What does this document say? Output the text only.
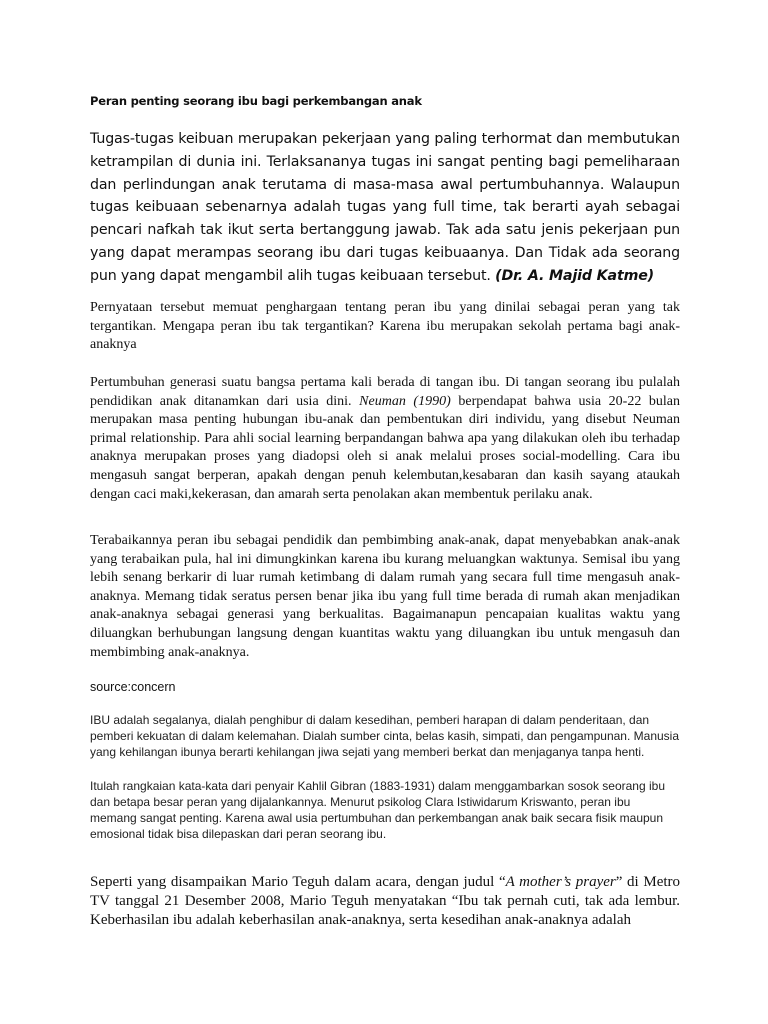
Peran penting seorang ibu bagi perkembangan anak
Tugas-tugas keibuan merupakan pekerjaan yang paling terhormat dan membutukan ketrampilan di dunia ini. Terlaksananya tugas ini sangat penting bagi pemeliharaan dan perlindungan anak terutama di masa-masa awal pertumbuhannya. Walaupun tugas keibuaan sebenarnya adalah tugas yang full time, tak berarti ayah sebagai pencari nafkah tak ikut serta bertanggung jawab. Tak ada satu jenis pekerjaan pun yang dapat merampas seorang ibu dari tugas keibuaanya. Dan Tidak ada seorang pun yang dapat mengambil alih tugas keibuaan tersebut. (Dr. A. Majid Katme)
Pernyataan tersebut memuat penghargaan tentang peran ibu yang dinilai sebagai peran yang tak tergantikan. Mengapa peran ibu tak tergantikan? Karena ibu merupakan sekolah pertama bagi anak-anaknya
Pertumbuhan generasi suatu bangsa pertama kali berada di tangan ibu. Di tangan seorang ibu pulalah pendidikan anak ditanamkan dari usia dini. Neuman (1990) berpendapat bahwa usia 20-22 bulan merupakan masa penting hubungan ibu-anak dan pembentukan diri individu, yang disebut Neuman primal relationship. Para ahli social learning berpandangan bahwa apa yang dilakukan oleh ibu terhadap anaknya merupakan proses yang diadopsi oleh si anak melalui proses social-modelling. Cara ibu mengasuh sangat berperan, apakah dengan penuh kelembutan,kesabaran dan kasih sayang ataukah dengan caci maki,kekerasan, dan amarah serta penolakan akan membentuk perilaku anak.
Terabaikannya peran ibu sebagai pendidik dan pembimbing anak-anak, dapat menyebabkan anak-anak yang terabaikan pula, hal ini dimungkinkan karena ibu kurang meluangkan waktunya. Semisal ibu yang lebih senang berkarir di luar rumah ketimbang di dalam rumah yang secara full time mengasuh anak-anaknya. Memang tidak seratus persen benar jika ibu yang full time berada di rumah akan menjadikan anak-anaknya sebagai generasi yang berkualitas. Bagaimanapun pencapaian kualitas waktu yang diluangkan berhubungan langsung dengan kuantitas waktu yang diluangkan ibu untuk mengasuh dan membimbing anak-anaknya.
source:concern
IBU adalah segalanya, dialah penghibur di dalam kesedihan, pemberi harapan di dalam penderitaan, dan pemberi kekuatan di dalam kelemahan. Dialah sumber cinta, belas kasih, simpati, dan pengampunan. Manusia yang kehilangan ibunya berarti kehilangan jiwa sejati yang memberi berkat dan menjaganya tanpa henti.
Itulah rangkaian kata-kata dari penyair Kahlil Gibran (1883-1931) dalam menggambarkan sosok seorang ibu dan betapa besar peran yang dijalankannya. Menurut psikolog Clara Istiwidarum Kriswanto, peran ibu memang sangat penting. Karena awal usia pertumbuhan dan perkembangan anak baik secara fisik maupun emosional tidak bisa dilepaskan dari peran seorang ibu.
Seperti yang disampaikan Mario Teguh dalam acara, dengan judul “A mother’s prayer” di Metro TV tanggal 21 Desember 2008, Mario Teguh menyatakan “Ibu tak pernah cuti, tak ada lembur. Keberhasilan ibu adalah keberhasilan anak-anaknya, serta kesedihan anak-anaknya adalah
